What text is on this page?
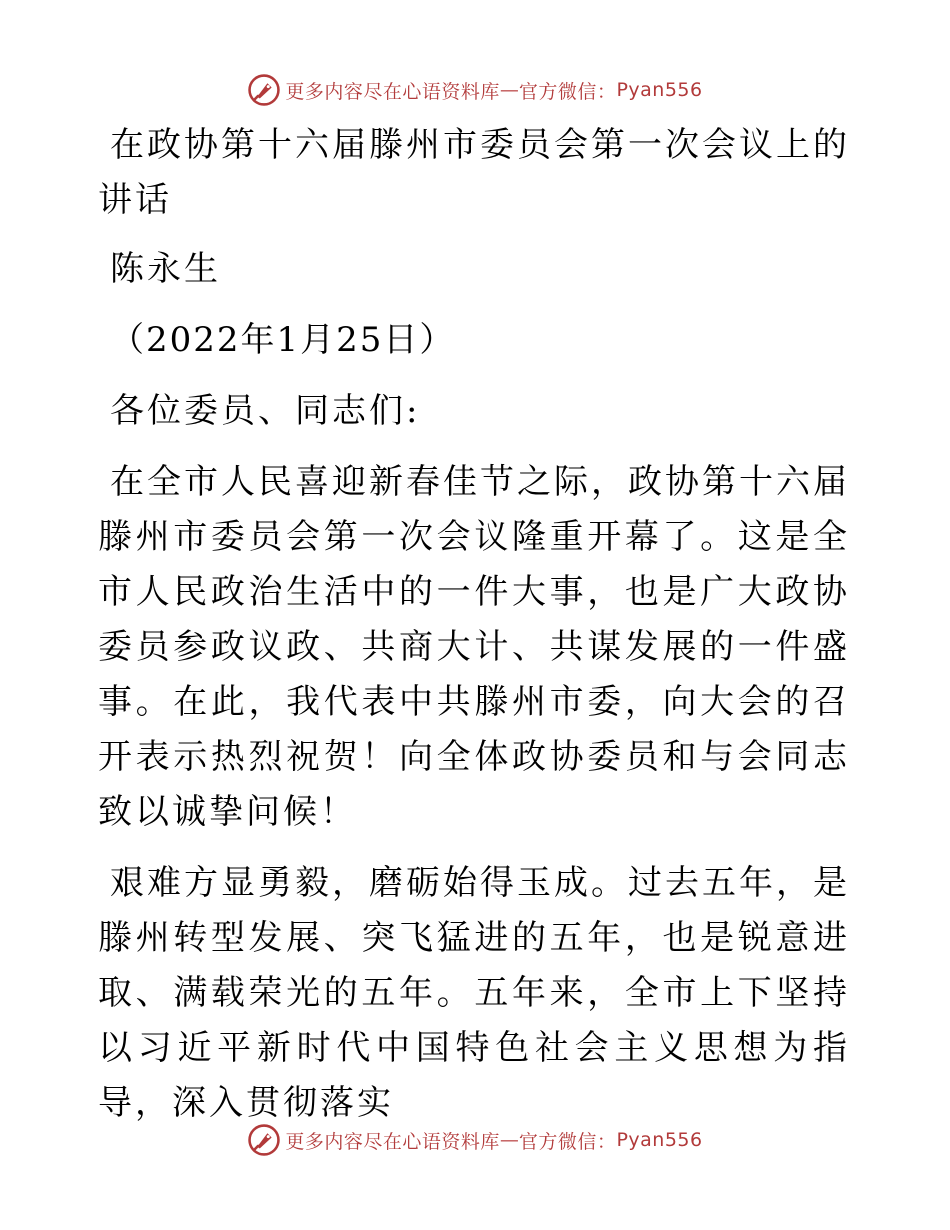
更多内容尽在心语资料库 — 官方微信： Pyan556

在政协第十六届滕州市委员会第一次会议上的讲话

陈永生

（2022年1月25日）

各位委员、同志们:

在全市人民喜迎新春佳节之际，政协第十六届滕州市委员会第一次会议隆重开幕了。这是全市人民政治生活中的一件大事，也是广大政协委员参政议政、共商大计、共谋发展的一件盛事。在此，我代表中共滕州市委，向大会的召开表示热烈祝贺！向全体政协委员和与会同志致以诚挚问候！

艰难方显勇毅，磨砺始得玉成。过去五年，是滕州转型发展、突飞猛进的五年，也是锐意进取、满载荣光的五年。五年来，全市上下坚持以习近平新时代中国特色社会主义思想为指导，深入贯彻落实

更多内容尽在心语资料库 — 官方微信： Pyan556
